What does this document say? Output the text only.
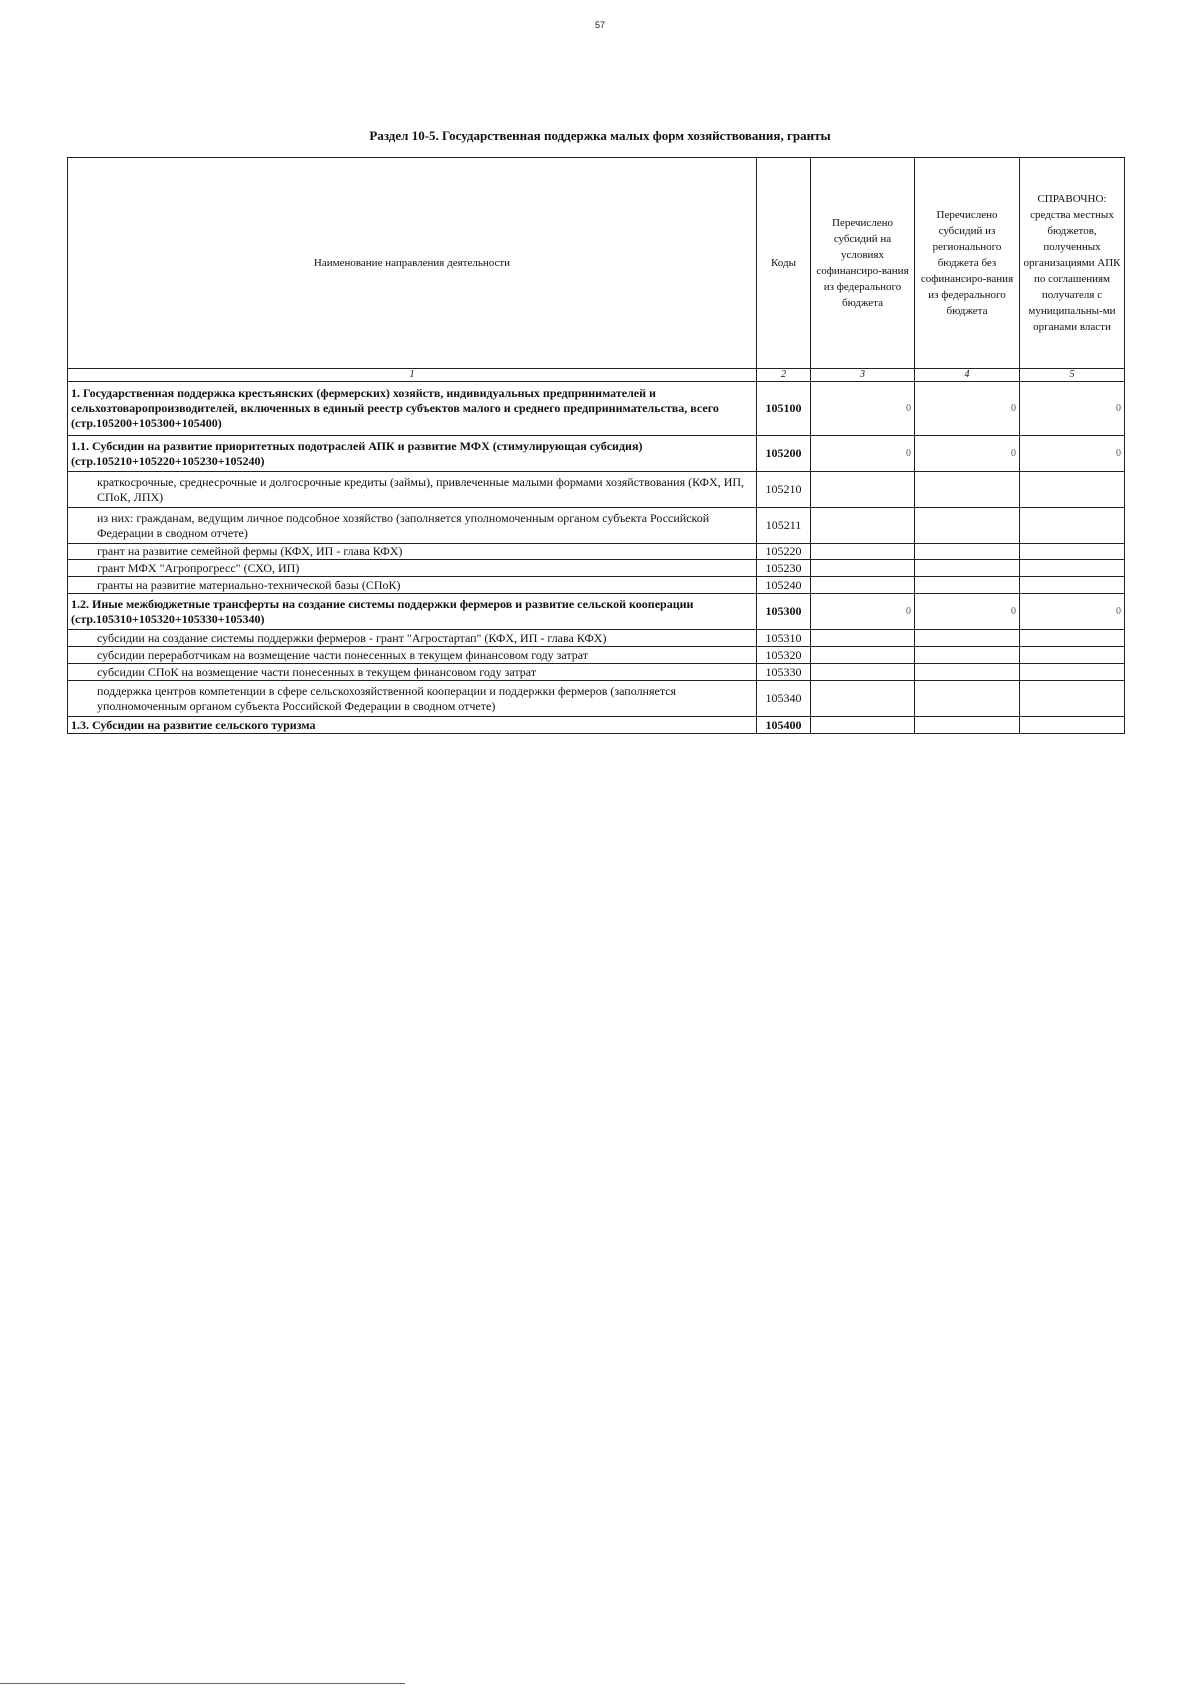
57
Раздел 10-5. Государственная поддержка малых форм хозяйствования, гранты
Наименование направления деятельности	Коды	Перечислено субсидий на условиях софинансиро-вания из федерального бюджета	Перечислено субсидий из регионального бюджета без софинансиро-вания из федерального бюджета	СПРАВОЧНО: средства местных бюджетов, полученных организациями АПК по соглашениям получателя с муниципальны-ми органами власти
1	2	3	4	5
1. Государственная поддержка крестьянских (фермерских) хозяйств, индивидуальных предпринимателей и сельхозтоваропроизводителей, включенных в единый реестр субъектов малого и среднего предпринимательства, всего (стр.105200+105300+105400)	105100	0	0	0
1.1. Субсидии на развитие приоритетных подотраслей АПК и развитие МФХ (стимулирующая субсидия) (стр.105210+105220+105230+105240)	105200	0	0	0
краткосрочные, среднесрочные и долгосрочные кредиты (займы), привлеченные малыми формами хозяйствования (КФХ, ИП, СПоК, ЛПХ)	105210			
из них: гражданам, ведущим личное подсобное хозяйство (заполняется уполномоченным органом субъекта Российской Федерации в сводном отчете)	105211			
грант на развитие семейной фермы (КФХ, ИП - глава КФХ)	105220			
грант МФХ "Агропрогресс" (СХО, ИП)	105230			
гранты на развитие материально-технической базы (СПоК)	105240			
1.2. Иные межбюджетные трансферты на создание системы поддержки фермеров и развитие сельской кооперации (стр.105310+105320+105330+105340)	105300	0	0	0
субсидии на создание системы поддержки фермеров - грант "Агростартап" (КФХ, ИП - глава КФХ)	105310			
субсидии переработчикам на возмещение части понесенных в текущем финансовом году затрат	105320			
субсидии СПоК на возмещение части понесенных в текущем финансовом году затрат	105330			
поддержка центров компетенции в сфере сельскохозяйственной кооперации и поддержки фермеров (заполняется уполномоченным органом субъекта Российской Федерации в сводном отчете)	105340			
1.3. Субсидии на развитие сельского туризма	105400			
